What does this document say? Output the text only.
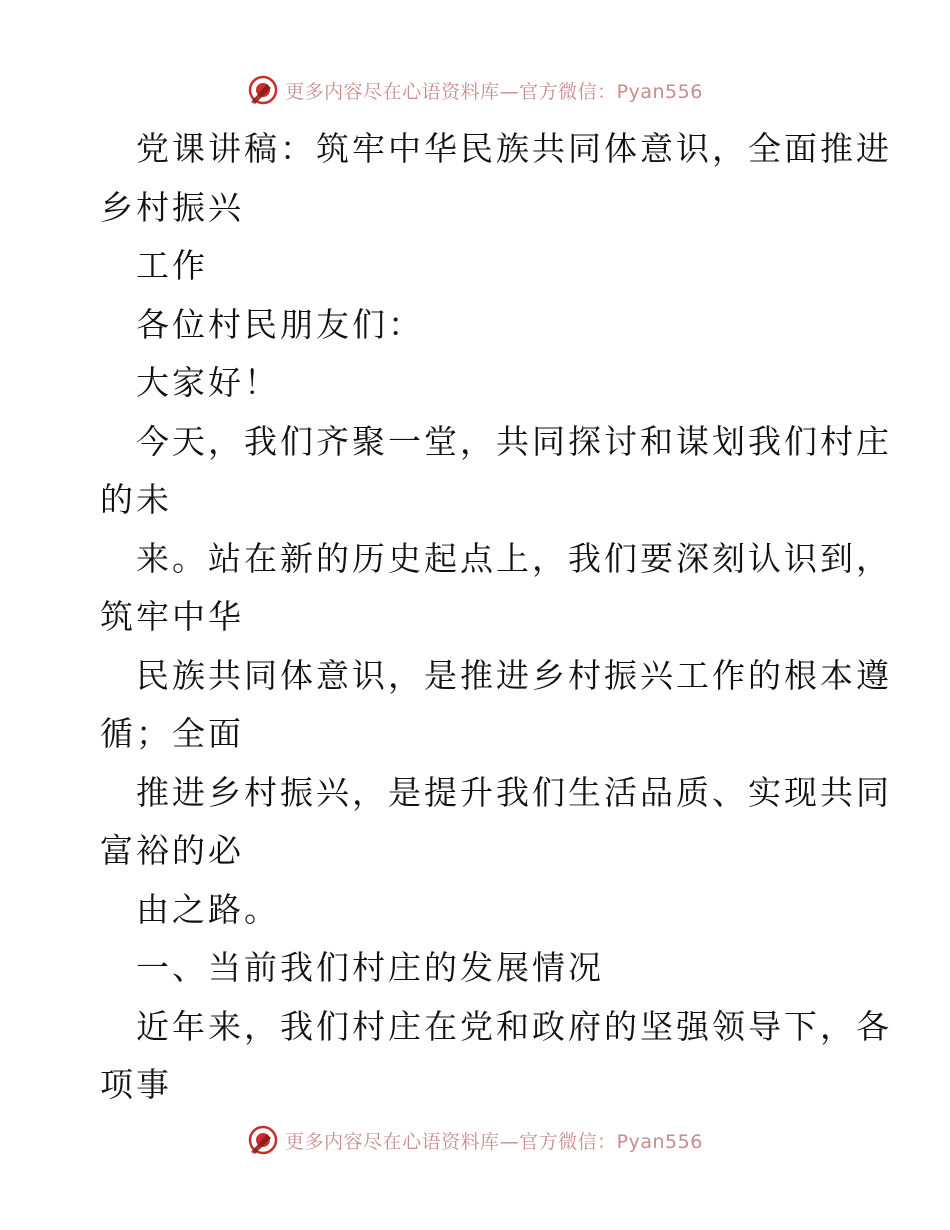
更多内容尽在心语资料库—官方微信：Pyan556
党课讲稿：筑牢中华民族共同体意识，全面推进
乡村振兴
工作
各位村民朋友们：
大家好！
今天，我们齐聚一堂，共同探讨和谋划我们村庄
的未
来。站在新的历史起点上，我们要深刻认识到，
筑牢中华
民族共同体意识，是推进乡村振兴工作的根本遵
循；全面
推进乡村振兴，是提升我们生活品质、实现共同
富裕的必
由之路。
一、当前我们村庄的发展情况
近年来，我们村庄在党和政府的坚强领导下，各
项事
更多内容尽在心语资料库—官方微信：Pyan556
